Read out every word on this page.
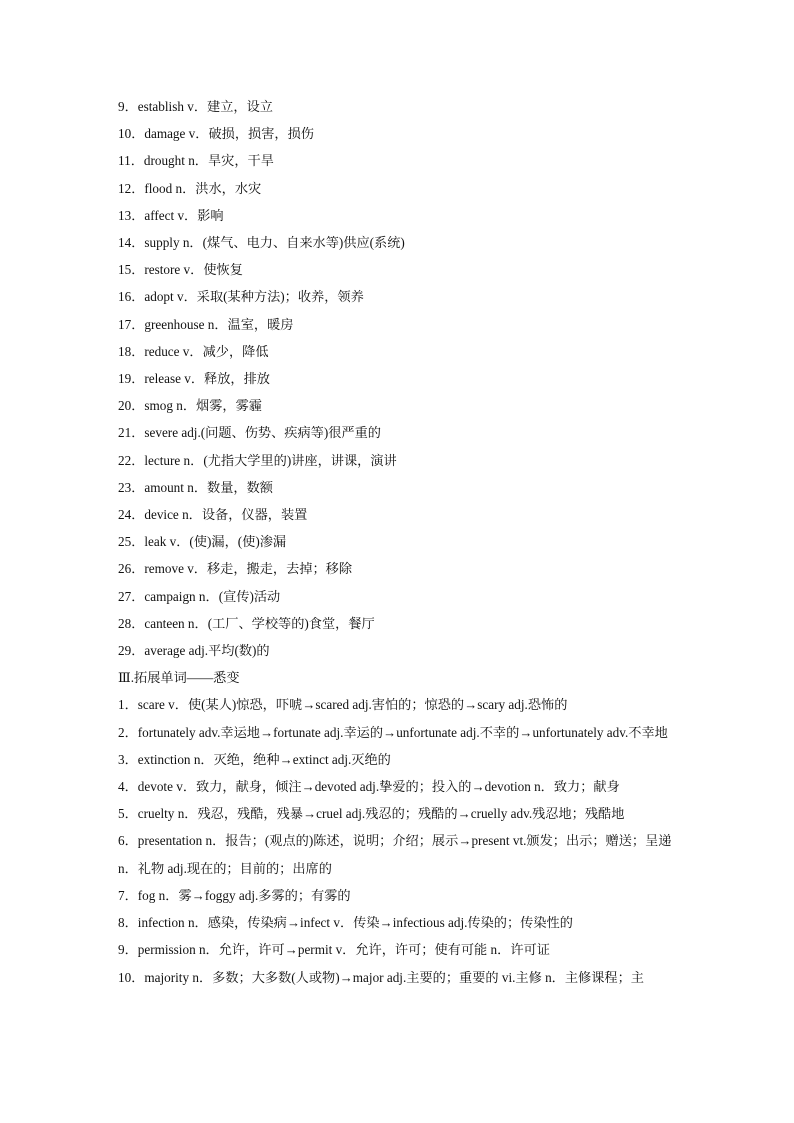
9．establish v．建立，设立
10．damage v．破损，损害，损伤
11．drought n．旱灾，干旱
12．flood n．洪水，水灾
13．affect v．影响
14．supply n．(煤气、电力、自来水等)供应(系统)
15．restore v．使恢复
16．adopt v．采取(某种方法)；收养，领养
17．greenhouse n．温室，暖房
18．reduce v．减少，降低
19．release v．释放，排放
20．smog n．烟雾，雾霾
21．severe adj.(问题、伤势、疾病等)很严重的
22．lecture n．(尤指大学里的)讲座，讲课，演讲
23．amount n．数量，数额
24．device n．设备，仪器，装置
25．leak v．(使)漏，(使)渗漏
26．remove v．移走，搬走，去掉；移除
27．campaign n．(宣传)活动
28．canteen n．(工厂、学校等的)食堂，餐厅
29．average adj.平均(数)的
Ⅲ.拓展单词——悉变
1．scare v．使(某人)惊恐，吓唬→scared adj.害怕的；惊恐的→scary adj.恐怖的
2．fortunately adv.幸运地→fortunate adj.幸运的→unfortunate adj.不幸的→unfortunately adv.不幸地
3．extinction n．灭绝，绝种→extinct adj.灭绝的
4．devote v．致力，献身，倾注→devoted adj.挚爱的；投入的→devotion n．致力；献身
5．cruelty n．残忍，残酷，残暴→cruel adj.残忍的；残酷的→cruelly adv.残忍地；残酷地
6．presentation n．报告；(观点的)陈述，说明；介绍；展示→present vt.颁发；出示；赠送；呈递 n．礼物 adj.现在的；目前的；出席的
7．fog n．雾→foggy adj.多雾的；有雾的
8．infection n．感染，传染病→infect v．传染→infectious adj.传染的；传染性的
9．permission n．允许，许可→permit v．允许，许可；使有可能 n．许可证
10．majority n．多数；大多数(人或物)→major adj.主要的；重要的 vi.主修 n．主修课程；主
